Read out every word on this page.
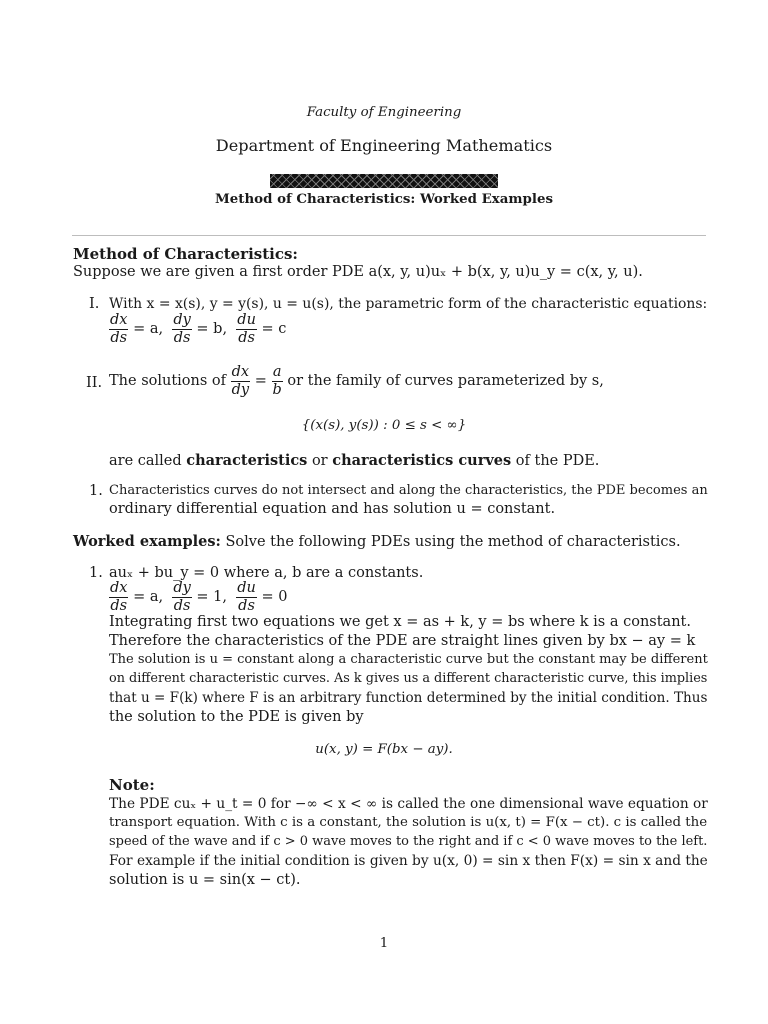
Faculty of Engineering
Department of Engineering Mathematics
Method of Characteristics: Worked Examples
Method of Characteristics:
Suppose we are given a first order PDE a(x, y, u)uₓ + b(x, y, u)u_y = c(x, y, u).
I. With x = x(s), y = y(s), u = u(s), the parametric form of the characteristic equations:
$\frac{dx}{ds} = a$, $\frac{dy}{ds} = b$, $\frac{du}{ds} = c$
II. The solutions of $\frac{dx}{dy} = \frac{a}{b}$ or the family of curves parameterized by s,
{(x(s), y(s)) : 0 ≤ s < ∞}
are called characteristics or characteristics curves of the PDE.
1. Characteristics curves do not intersect and along the characteristics, the PDE becomes an
ordinary differential equation and has solution u = constant.
Worked examples: Solve the following PDEs using the method of characteristics.
1. auₓ + bu_y = 0 where a, b are a constants.
$\frac{dx}{ds} = a$, $\frac{dy}{ds} = 1$, $\frac{du}{ds} = 0$
Integrating first two equations we get x = as + k, y = bs where k is a constant.
Therefore the characteristics of the PDE are straight lines given by bx − ay = k
The solution is u = constant along a characteristic curve but the constant may be different
on different characteristic curves. As k gives us a different characteristic curve, this implies
that u = F(k) where F is an arbitrary function determined by the initial condition. Thus
the solution to the PDE is given by
u(x, y) = F(bx − ay).
Note:
The PDE cuₓ + u_t = 0 for −∞ < x < ∞ is called the one dimensional wave equation or
transport equation. With c is a constant, the solution is u(x, t) = F(x − ct). c is called the
speed of the wave and if c > 0 wave moves to the right and if c < 0 wave moves to the left.
For example if the initial condition is given by u(x, 0) = sin x then F(x) = sin x and the
solution is u = sin(x − ct).
1
